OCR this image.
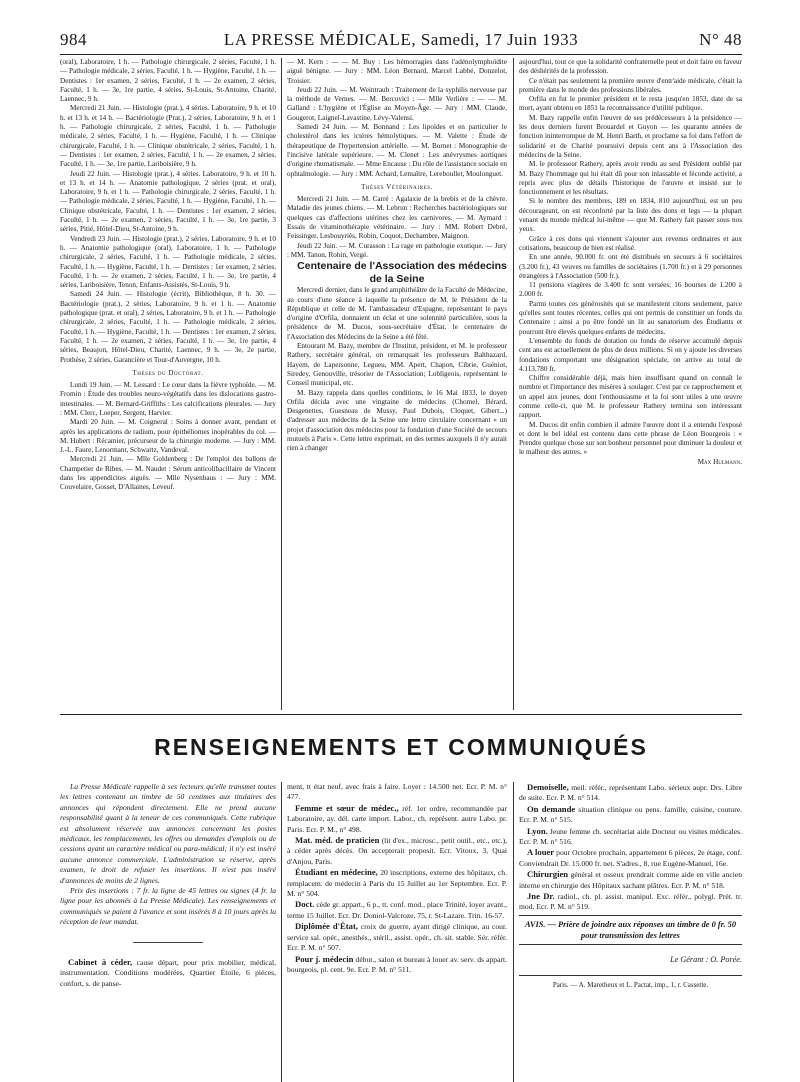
984	LA PRESSE MÉDICALE, Samedi, 17 Juin 1933	N° 48

(oral), Laboratoire, 1 h. — Pathologie chirurgicale, 2 séries, Faculté, 1 h. — Pathologie médicale, 2 séries, Faculté, 1 h. — Hygiène, Faculté, 1 h. — Dentistes : 1er examen, 2 séries, Faculté, 1 h. — 2e examen, 2 séries, Faculté, 1 h. — 3e, 1re partie, 4 séries, St-Louis, St-Antoine, Charité, Laennec, 9 h.

Mercredi 21 Juin. — Histologie (prat.), 4 séries. Laboratoire, 9 h. et 10 h. et 13 h. et 14 h. — Bactériologie (Prat.), 2 séries, Laboratoire, 9 h. et 1 h. — Pathologie chirurgicale, 2 séries, Faculté, 1 h. — Pathologie médicale, 2 séries, Faculté, 1 h. — Hygiène, Faculté, 1 h. — Clinique chirurgicale, Faculté, 1 h. — Clinique obstétricale, 2 séries, Faculté, 1 h. — Dentistes : 1er examen, 2 séries, Faculté, 1 h. — 2e examen, 2 séries, Faculté, 1 h. — 3e, 1re partie, Lariboisière, 9 h.

Jeudi 22 Juin. — Histologie (prat.), 4 séries. Laboratoire, 9 h. et 10 h. et 13 h. et 14 h. — Anatomie pathologique, 2 séries (prat. et oral), Laboratoire, 9 h. et 1 h. — Pathologie chirurgicale, 2 séries, Faculté, 1 h. — Pathologie médicale, 2 séries, Faculté, 1 h. — Hygiène, Faculté, 1 h. — Clinique obstétricale, Faculté, 1 h. — Dentistes : 1er examen, 2 séries, Faculté, 1 h. — 2e examen, 2 séries, Faculté, 1 h. — 3e, 1re partie, 3 séries, Pitié, Hôtel-Dieu, St-Antoine, 9 h.

Vendredi 23 Juin. — Histologie (prat.), 2 séries, Laboratoire, 9 h. et 10 h. — Anatomie pathologique (oral), Laboratoire, 1 h. — Pathologie chirurgicale, 2 séries, Faculté, 1 h. — Pathologie médicale, 2 séries, Faculté, 1 h. — Hygiène, Faculté, 1 h. — Dentistes : 1er examen, 2 séries, Faculté, 1 h. — 2e examen, 2 séries, Faculté, 1 h. — 3e, 1re partie, 4 séries, Lariboisière, Tenon, Enfants-Assistés, St-Louis, 9 h.

Samedi 24 Juin. — Histologie (écrit), Bibliothèque, 8 h. 30. — Bactériologie (prat.), 2 séries, Laboratoire, 9 h. et 1 h. — Anatomie pathologique (prat. et oral), 2 séries, Laboratoire, 9 h. et 1 h. — Pathologie chirurgicale, 2 séries, Faculté, 1 h. — Pathologie médicale, 2 séries, Faculté, 1 h. — Hygiène, Faculté, 1 h. — Dentistes : 1er examen, 2 séries, Faculté, 1 h. — 2e examen, 2 séries, Faculté, 1 h. — 3e, 1re partie, 4 séries, Beaujon, Hôtel-Dieu, Charité, Laennec, 9 h. — 3e, 2e partie, Prothèse, 2 séries, Garancière et Tour-d'Auvergne, 10 h.

Thèses du Doctorat.

Lundi 19 Juin. — M. Lessard : Le cœur dans la fièvre typhoïde. — M. Fromin : Étude des troubles neuro-végétatifs dans les dislocations gastro-intestinales. — M. Bernard-Griffiths : Les calcifications pleurales. — Jury : MM. Clerc, Loeper, Sergent, Harvier.

Mardi 20 Juin. — M. Coigneral : Soins à donner avant, pendant et après les applications de radium, pour épithéliomes inopérables du col. — M. Hubert : Récamier, précurseur de la chirurgie moderne. — Jury : MM. J.-L. Faure, Lenormant, Schwartz, Vandeval.

Mercredi 21 Juin. — Mlle Goldenberg : De l'emploi des ballons de Champetier de Ribes. — M. Naudet : Sérum anticolibacillaire de Vincent dans les appendicites aiguës. — Mlle Nysenbaus : — Jury : MM. Couvelaire, Gosset, D'Allaines, Leveuf.

— M. Kern : — — M. Buy : Les hémorragies dans l'adénolymphoïdite aiguë bénigne. — Jury : MM. Léon Bernard, Marcel Labbé, Donzelot, Troisier.

Jeudi 22 Juin. — M. Weintraub : Traitement de la syphilis nerveuse par la méthode de Vernes. — M. Bercovici : — Mlle Verlière : — — M. Galland : L'hygiène et l'Église au Moyen-Âge. — Jury : MM. Claude, Gougerot, Laignel-Lavastine, Lévy-Valensi.

Samedi 24 Juin. — M. Bonnand : Les lipoïdes et en particulier le cholestérol dans les ictères hémolytiques. — M. Valette : Étude de thérapeutique de l'hypertension artérielle. — M. Bornet : Monographie de l'incisive latérale supérieure. — M. Clenet : Les anévrysmes aortiques d'origine rhumatismale. — Mme Encause : Du rôle de l'assistance sociale en ophtalmologie. — Jury : MM. Achard, Lemaître, Lereboullet, Moulonguet.

Thèses Vétérinaires.

Mercredi 21 Juin. — M. Carré : Agalaxie de la brebis et de la chèvre. Maladie des jeunes chiens. — M. Lebrun : Recherches bactériologiques sur quelques cas d'affections utérines chez les carnivores. — M. Aymard : Essais de vitaminothérapie vétérinaire. — Jury : MM. Robert Debré, Feissinger, Lesbouyriès, Robin, Coquot, Dechambre, Maignon.

Jeudi 22 Juin. — M. Curasson : La rage en pathologie exotique. — Jury : MM. Tanon, Robin, Vergé.

Centenaire de l'Association des médecins de la Seine

Mercredi dernier, dans le grand amphithéâtre de la Faculté de Médecine, au cours d'une séance à laquelle la présence de M. le Président de la République et celle de M. l'ambassadeur d'Espagne, représentant le pays d'origine d'Orfila, donnaient un éclat et une solennité particulière, sous la présidence de M. Ducos, sous-secrétaire d'État, le centenaire de l'Association des Médecins de la Seine a été fêté.

Entourant M. Bazy, membre de l'Institut, président, et M. le professeur Rathery, secrétaire général, on remarquait les professeurs Balthazard, Hayem, de Lapersonne, Legueu, MM. Apert, Chapon, Cibrie, Guéniot, Siredey, Genouville, trésorier de l'Association; Lobligeois, représentant le Conseil municipal, etc.

M. Bazy rappela dans quelles conditions, le 16 Mai 1833, le doyen Orfila décida avec une vingtaine de médecins (Chomel, Bérard, Desgenettes, Guesneau de Mussy, Paul Dubois, Cloquet, Gibert...) d'adresser aux médecins de la Seine une lettre circulaire concernant « un projet d'association des médecins pour la fondation d'une Société de secours mutuels à Paris ». Cette lettre exprimait, en des termes auxquels il n'y aurait rien à changer

aujourd'hui, tout ce que la solidarité confraternelle peut et doit faire en faveur des déshérités de la profession.

Ce n'était pas seulement la première œuvre d'entr'aide médicale, c'était la première dans le monde des professions libérales.

Orfila en fut le premier président et le resta jusqu'en 1853, date de sa mort, ayant obtenu en 1851 la reconnaissance d'utilité publique.

M. Bazy rappelle enfin l'œuvre de ses prédécesseurs à la présidence — les deux derniers furent Brouardel et Guyon — les quarante années de fonction ininterrompue de M. Henri Barth, et proclame sa foi dans l'effort de solidarité et de Charité poursuivi depuis cent ans à l'Association des médecins de la Seine.

M. le professeur Rathery, après avoir rendu au seul Président oublié par M. Bazy l'hommage qui lui était dû pour son inlassable et féconde activité, a repris avec plus de détails l'historique de l'œuvre et insisté sur le fonctionnement et les résultats.

Si le nombre des membres, 189 en 1834, 810 aujourd'hui, est un peu décourageant, on est réconforté par la liste des dons et legs — la plupart venant du monde médical lui-même — que M. Rathery fait passer sous nos yeux.

Grâce à ces dons qui viennent s'ajouter aux revenus ordinaires et aux cotisations, beaucoup de bien est réalisé.

En une année, 90.000 fr. ont été distribués en secours à 6 sociétaires (3.200 fr.), 43 veuves ou familles de sociétaires (1.700 fr.) et à 29 personnes étrangères à l'Association (500 fr.).

11 pensions viagères de 3.400 fr. sont versées; 16 bourses de 1.200 à 2.000 fr.

Parmi toutes ces générosités qui se manifestent citons seulement, parce qu'elles sont toutes récentes, celles qui ont permis de constituer un fonds du Centenaire : ainsi a pu être fondé un lit au sanatorium des Étudiants et pourront être élevés quelques enfants de médecins.

L'ensemble du fonds de dotation ou fonds de réserve accumulé depuis cent ans est actuellement de plus de deux millions. Si on y ajoute les diverses fondations comportant une désignation spéciale, on arrive au total de 4.113.780 fr.

Chiffre considérable déjà, mais bien insuffisant quand on connaît le nombre et l'importance des misères à soulager. C'est par ce rapprochement et un appel aux jeunes, dont l'enthousiasme et la foi sont utiles à une œuvre comme celle-ci, que M. le professeur Rathery termina son intéressant rapport.

M. Ducos dit enfin combien il admire l'œuvre dont il a entendu l'exposé et dont le bel idéal est contenu dans cette phrase de Léon Bourgeois : « Prendre quelque chose sur son bonheur personnel pour diminuer la douleur et le malheur des autres. »

Max Hulmann.

RENSEIGNEMENTS ET COMMUNIQUÉS

La Presse Médicale rappelle à ses lecteurs qu'elle transmet toutes les lettres contenant un timbre de 50 centimes aux titulaires des annonces qui répondent directement. Elle ne prend aucune responsabilité quant à la teneur de ces communiqués. Cette rubrique est absolument réservée aux annonces concernant les postes médicaux, les remplacements, les offres ou demandes d'emplois ou de cessions ayant un caractère médical ou para-médical; il n'y est inséré aucune annonce commerciale. L'administration se réserve, après examen, le droit de refuser les insertions. Il n'est pas inséré d'annonces de moins de 2 lignes.

Prix des insertions : 7 fr. la ligne de 45 lettres ou signes (4 fr. la ligne pour les abonnés à La Presse Médicale). Les renseignements et communiqués se paient à l'avance et sont insérés 8 à 10 jours après la réception de leur mandat.

Cabinet à céder, cause départ, pour prix mobilier, médical, instrumentation. Conditions modérées, Quartier Étoile, 6 pièces, confort, s. de panse-

ment, tt état neuf, avec frais à faire. Loyer : 14.500 net. Ecr. P. M. n° 477.

Femme et sœur de médec., réf. 1er ordre, recommandée par Laboratoire, ay. dél. carte import. Labor., ch. représent. autre Labo. pr. Paris. Ecr. P. M., n° 498.

Mat. méd. de praticien (lit d'ex., microsc., petit outil., etc., etc.), à céder après décès. On accepterait proposit. Ecr. Vitoux, 3, Quai d'Anjou, Paris.

Étudiant en médecine, 20 inscriptions, externe des hôpitaux, ch. remplacem. de médecin à Paris du 15 Juillet au 1er Septembre. Ecr. P. M. n° 504.

Doct. cède gr. appart., 6 p., tt. conf. mod., place Trinité, loyer avant., terme 15 Juillet. Ecr. Dr. Doniol-Valcroze, 75, r. St-Lazare. Trin. 16-57.

Diplômée d'État, croix de guerre, ayant dirigé clinique, au cour. service sal. opér., anesthés., stéril., assist. opér., ch. sit. stable. Sér. référ. Ecr. P. M. n° 507.

Pour j. médecin début., salon et bureau à louer av. serv. ds appart. bourgeois, pl. cent. 9e. Ecr. P. M. n° 511.

Demoiselle, meil. référ., représentant Labo. sérieux aupr. Drs. Libre de suite. Ecr. P. M. n° 514.

On demande situation clinique ou pens. famille, cuisine, couture. Ecr. P. M. n° 515.

Lyon. Jeune femme ch. secrétariat aide Docteur ou visites médicales. Ecr. P. M. n° 516.

A louer pour Octobre prochain, appartement 6 pièces, 2e étage, conf. Conviendrait Dr. 15.000 fr. net. S'adres., 8, rue Eugène-Manuel, 16e.

Chirurgien général et osseux prendrait comme aide en ville ancien interne en chirurgie des Hôpitaux sachant plâtres. Ecr. P. M. n° 518.

Jne Dr. radiol., ch. pl. assist. manipul. Exc. référ., polygl. Prét. tr. mod. Ecr. P. M. n° 519.

AVIS. — Prière de joindre aux réponses un timbre de 0 fr. 50 pour transmission des lettres
Le Gérant : O. Porée.
Paris. — A. Maretheux et L. Pactat, imp., 1, r. Cassette.
